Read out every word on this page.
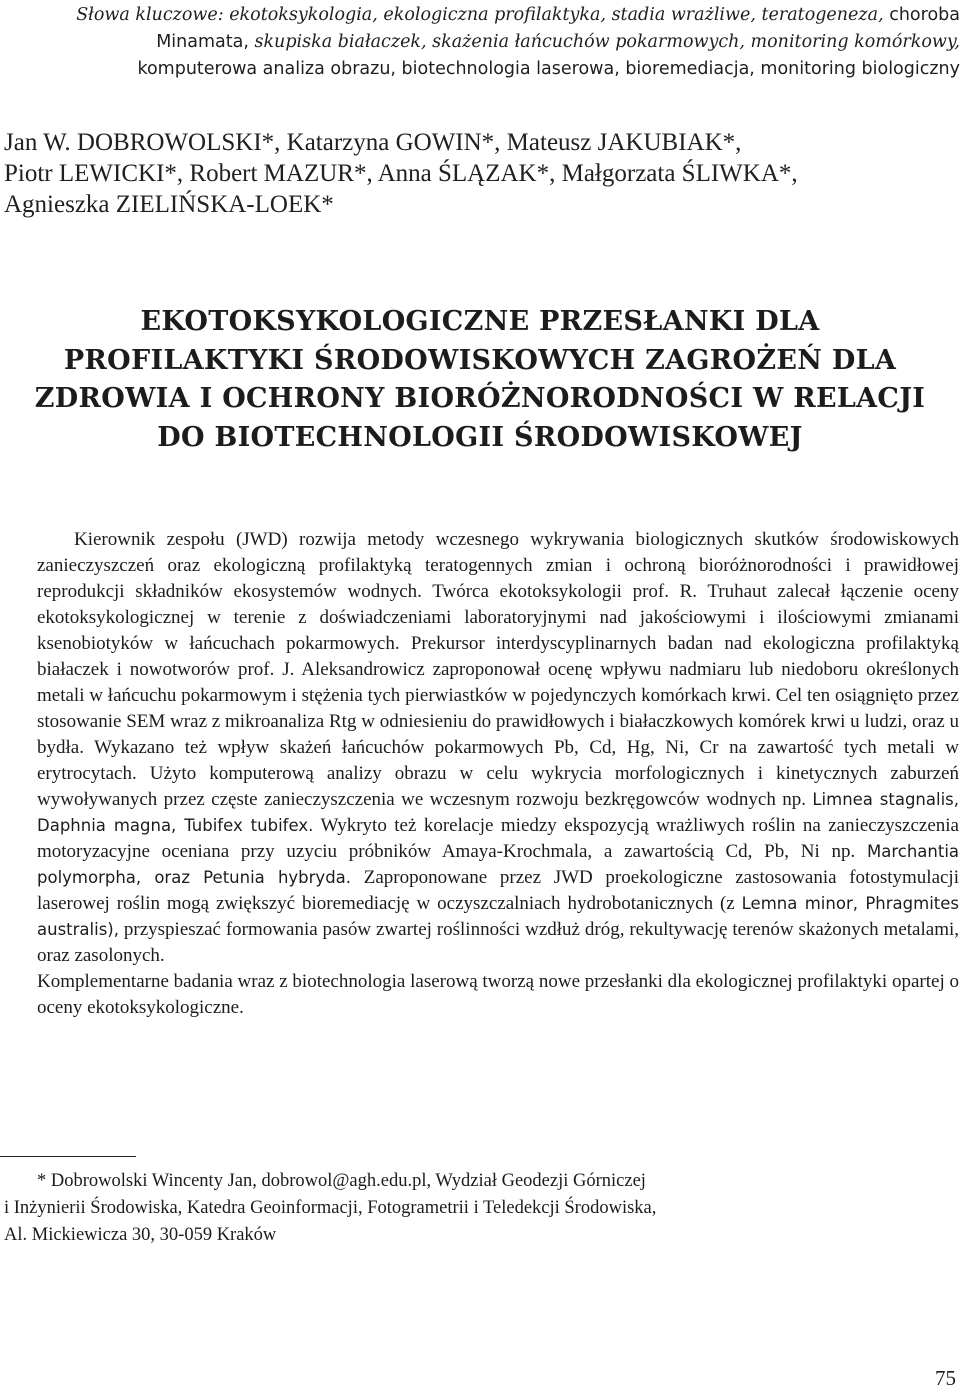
Słowa kluczowe: ekotoksykologia, ekologiczna profilaktyka, stadia wrażliwe, teratogeneza, choroba
Minamata, skupiska białaczek, skażenia łańcuchów pokarmowych, monitoring komórkowy,
komputerowa analiza obrazu, biotechnologia laserowa, bioremediacja, monitoring biologiczny
Jan W. DOBROWOLSKI*, Katarzyna GOWIN*, Mateusz JAKUBIAK*,
Piotr LEWICKI*, Robert MAZUR*, Anna ŚLĄZAK*, Małgorzata ŚLIWKA*,
Agnieszka ZIELIŃSKA-LOEK*
EKOTOKSYKOLOGICZNE PRZESŁANKI DLA
PROFILAKTYKI ŚRODOWISKOWYCH ZAGROŻEŃ DLA
ZDROWIA I OCHRONY BIORÓŻNORODNOŚCI W RELACJI
DO BIOTECHNOLOGII ŚRODOWISKOWEJ

Kierownik zespołu (JWD) rozwija metody wczesnego wykrywania biologicznych skutków środowiskowych zanieczyszczeń oraz ekologiczną profilaktyką teratogennych zmian i ochroną bioróżnorodności i prawidłowej reprodukcji składników ekosystemów wodnych. Twórca ekotoksykologii prof. R. Truhaut zalecał łączenie oceny ekotoksykologicznej w terenie z doświadczeniami laboratoryjnymi nad jakościowymi i ilościowymi zmianami ksenobiotyków w łańcuchach pokarmowych. Prekursor interdyscyplinarnych badan nad ekologiczna profilaktyką białaczek i nowotworów prof. J. Aleksandrowicz zaproponował ocenę wpływu nadmiaru lub niedoboru określonych metali w łańcuchu pokarmowym i stężenia tych pierwiastków w pojedynczych komórkach krwi. Cel ten osiągnięto przez stosowanie SEM wraz z mikroanaliza Rtg w odniesieniu do prawidłowych i białaczkowych komórek krwi u ludzi, oraz u bydła. Wykazano też wpływ skażeń łańcuchów pokarmowych Pb, Cd, Hg, Ni, Cr na zawartość tych metali w erytrocytach. Użyto komputerową analizy obrazu w celu wykrycia morfologicznych i kinetycznych zaburzeń wywoływanych przez częste zanieczyszczenia we wczesnym rozwoju bezkręgowców wodnych np. Limnea stagnalis, Daphnia magna, Tubifex tubifex. Wykryto też korelacje miedzy ekspozycją wrażliwych roślin na zanieczyszczenia motoryzacyjne oceniana przy uzyciu próbników Amaya-Krochmala, a zawartością Cd, Pb, Ni np. Marchantia polymorpha, oraz Petunia hybryda. Zaproponowane przez JWD proekologiczne zastosowania fotostymulacji laserowej roślin mogą zwiększyć bioremediację w oczyszczalniach hydrobotanicznych (z Lemna minor, Phragmites australis), przyspieszać formowania pasów zwartej roślinności wzdłuż dróg, rekultywację terenów skażonych metalami, oraz zasolonych.

Komplementarne badania wraz z biotechnologia laserową tworzą nowe przesłanki dla ekologicznej profilaktyki opartej o oceny ekotoksykologiczne.

* Dobrowolski Wincenty Jan, dobrowol@agh.edu.pl, Wydział Geodezji Górniczej

i Inżynierii Środowiska, Katedra Geoinformacji, Fotogrametrii i Teledekcji Środowiska,

Al. Mickiewicza 30, 30-059 Kraków

75
